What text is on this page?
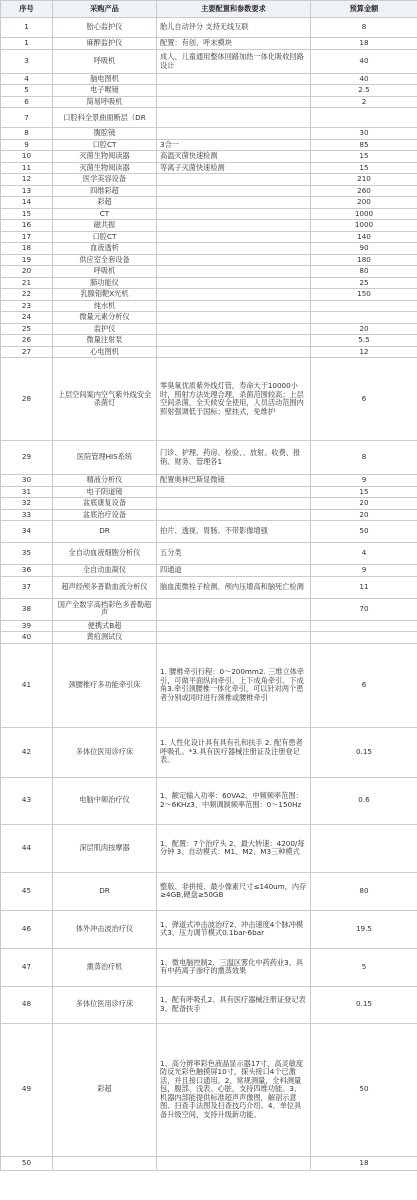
序号	采购产品	主要配置和参数要求	预算金额
1	胎心监护仪	胎儿自动评分 支持无线互联	8
1	麻醉监护仪	配置：有创、呼末模块	18
3	呼吸机	成人、儿童通用整体回路加热一体化吸收回路设计	40
4	脑电图机		40
5	电子喉镜		2.5
6	简易呼吸机		2
7	口腔科全景曲面断层（DR		
8	腹腔镜		30
9	口腔CT	3合一	85
10	灭菌生物阅读器	高温灭菌快速检测	15
11	灭菌生物阅读器	等离子灭菌快速检测	15
12	医学美容设备		210
13	四维彩超		260
14	彩超		200
15	CT		1000
16	磁共振		1000
17	口腔CT		140
18	血液透析		90
19	供应室全套设备		180
20	呼吸机		80
21	肺功能仪		25
22	乳腺钼靶X光机		150
23	纯水机		
24	微量元素分析仪		
25	监护仪		20
26	微量注射泵		5.5
27	心电图机		12
28	上层空间案内空气紫外线安全杀菌灯	零臭氧优质紫外线灯管，寿命大于10000小时，照射方法处理合理，杀菌范围较高；上层空间杀菌，全天候安全使用，人员活动范围内照射强调低于国标；壁挂式，免维护	6
29	医院管理HIS系统	门诊、护理、药房、检验、、放射、收费、报销、财务、管理各1	8
30	精液分析仪	配置奥林巴斯显微镜	9
31	电子阴道镜		15
32	盆底康复设备		20
33	盆底治疗设备		20
34	DR	拍片、透视、胃肠、不带影像增强	50
35	全自动血液细胞分析仪	五分类	4
36	全自动血凝仪	四通道	9
37	超声经颅多普勒血流分析仪	脑血流微栓子检测、颅内压增高和脑死亡检测	11
38	国产全数字高档彩色多普勒超声		70
39	便携式B超		
40	黄疸测试仪		
41	颈腰椎疗多功能牵引床	1. 腰椎牵引行程：0～200mm2. 三维立体牵引，可做平面纵向牵引、上下成角牵引、下成角3.牵引颈腰椎一体化牵引，可以针对两个患者分别或同时进行颈椎或腰椎牵引	6
42	多体位医用诊疗床	1. 人性化设计具有具有孔和扶手 2. 配有患者呼吸孔。*3.具有医疗器械注册证及注册登记表。	0.15
43	电脑中频治疗仪	1、额定输入功率：60VA2、中频频率范围：2～6KHz3、中频调制频率范围：0～150Hz	0.6
44	深层肌肉按摩器	1、配置：7个治疗头 2、最大转速：4200/每分钟 3、自动模式：M1、M2、M3三种模式	
45	DR	整版、非拼接、最小像素尺寸≤140um，内存≥4GB,硬盘≥50GB	80
46	体外冲击波治疗仪	1、弹道式冲击波治疗2、冲击速度4个脉冲模式3、压力调节模式0.1bar-6bar	19.5
47	熏蒸治疗机	1、微电脑控制2、三温区雾化中药药业3、具有中药离子渗疗的熏蒸效果	5
48	多体位医用诊疗床	1、配有呼吸孔2、具有医疗器械注册证登记表3、配备扶手	0.15
49	彩超	1、高分辨率彩色液晶显示器17寸，高灵敏度防反光彩色触摸屏10寸，探头接口4个已激活，并且接口通用。2、常规测量，全科测量包，腹部、浅表、心脏，支持四维功能。3、机器内部能提供标准超声声像图，解剖示意图、扫查手法图及扫查技巧介绍。4、单位具备升级空间，支持升级新功能。	50
50			18
